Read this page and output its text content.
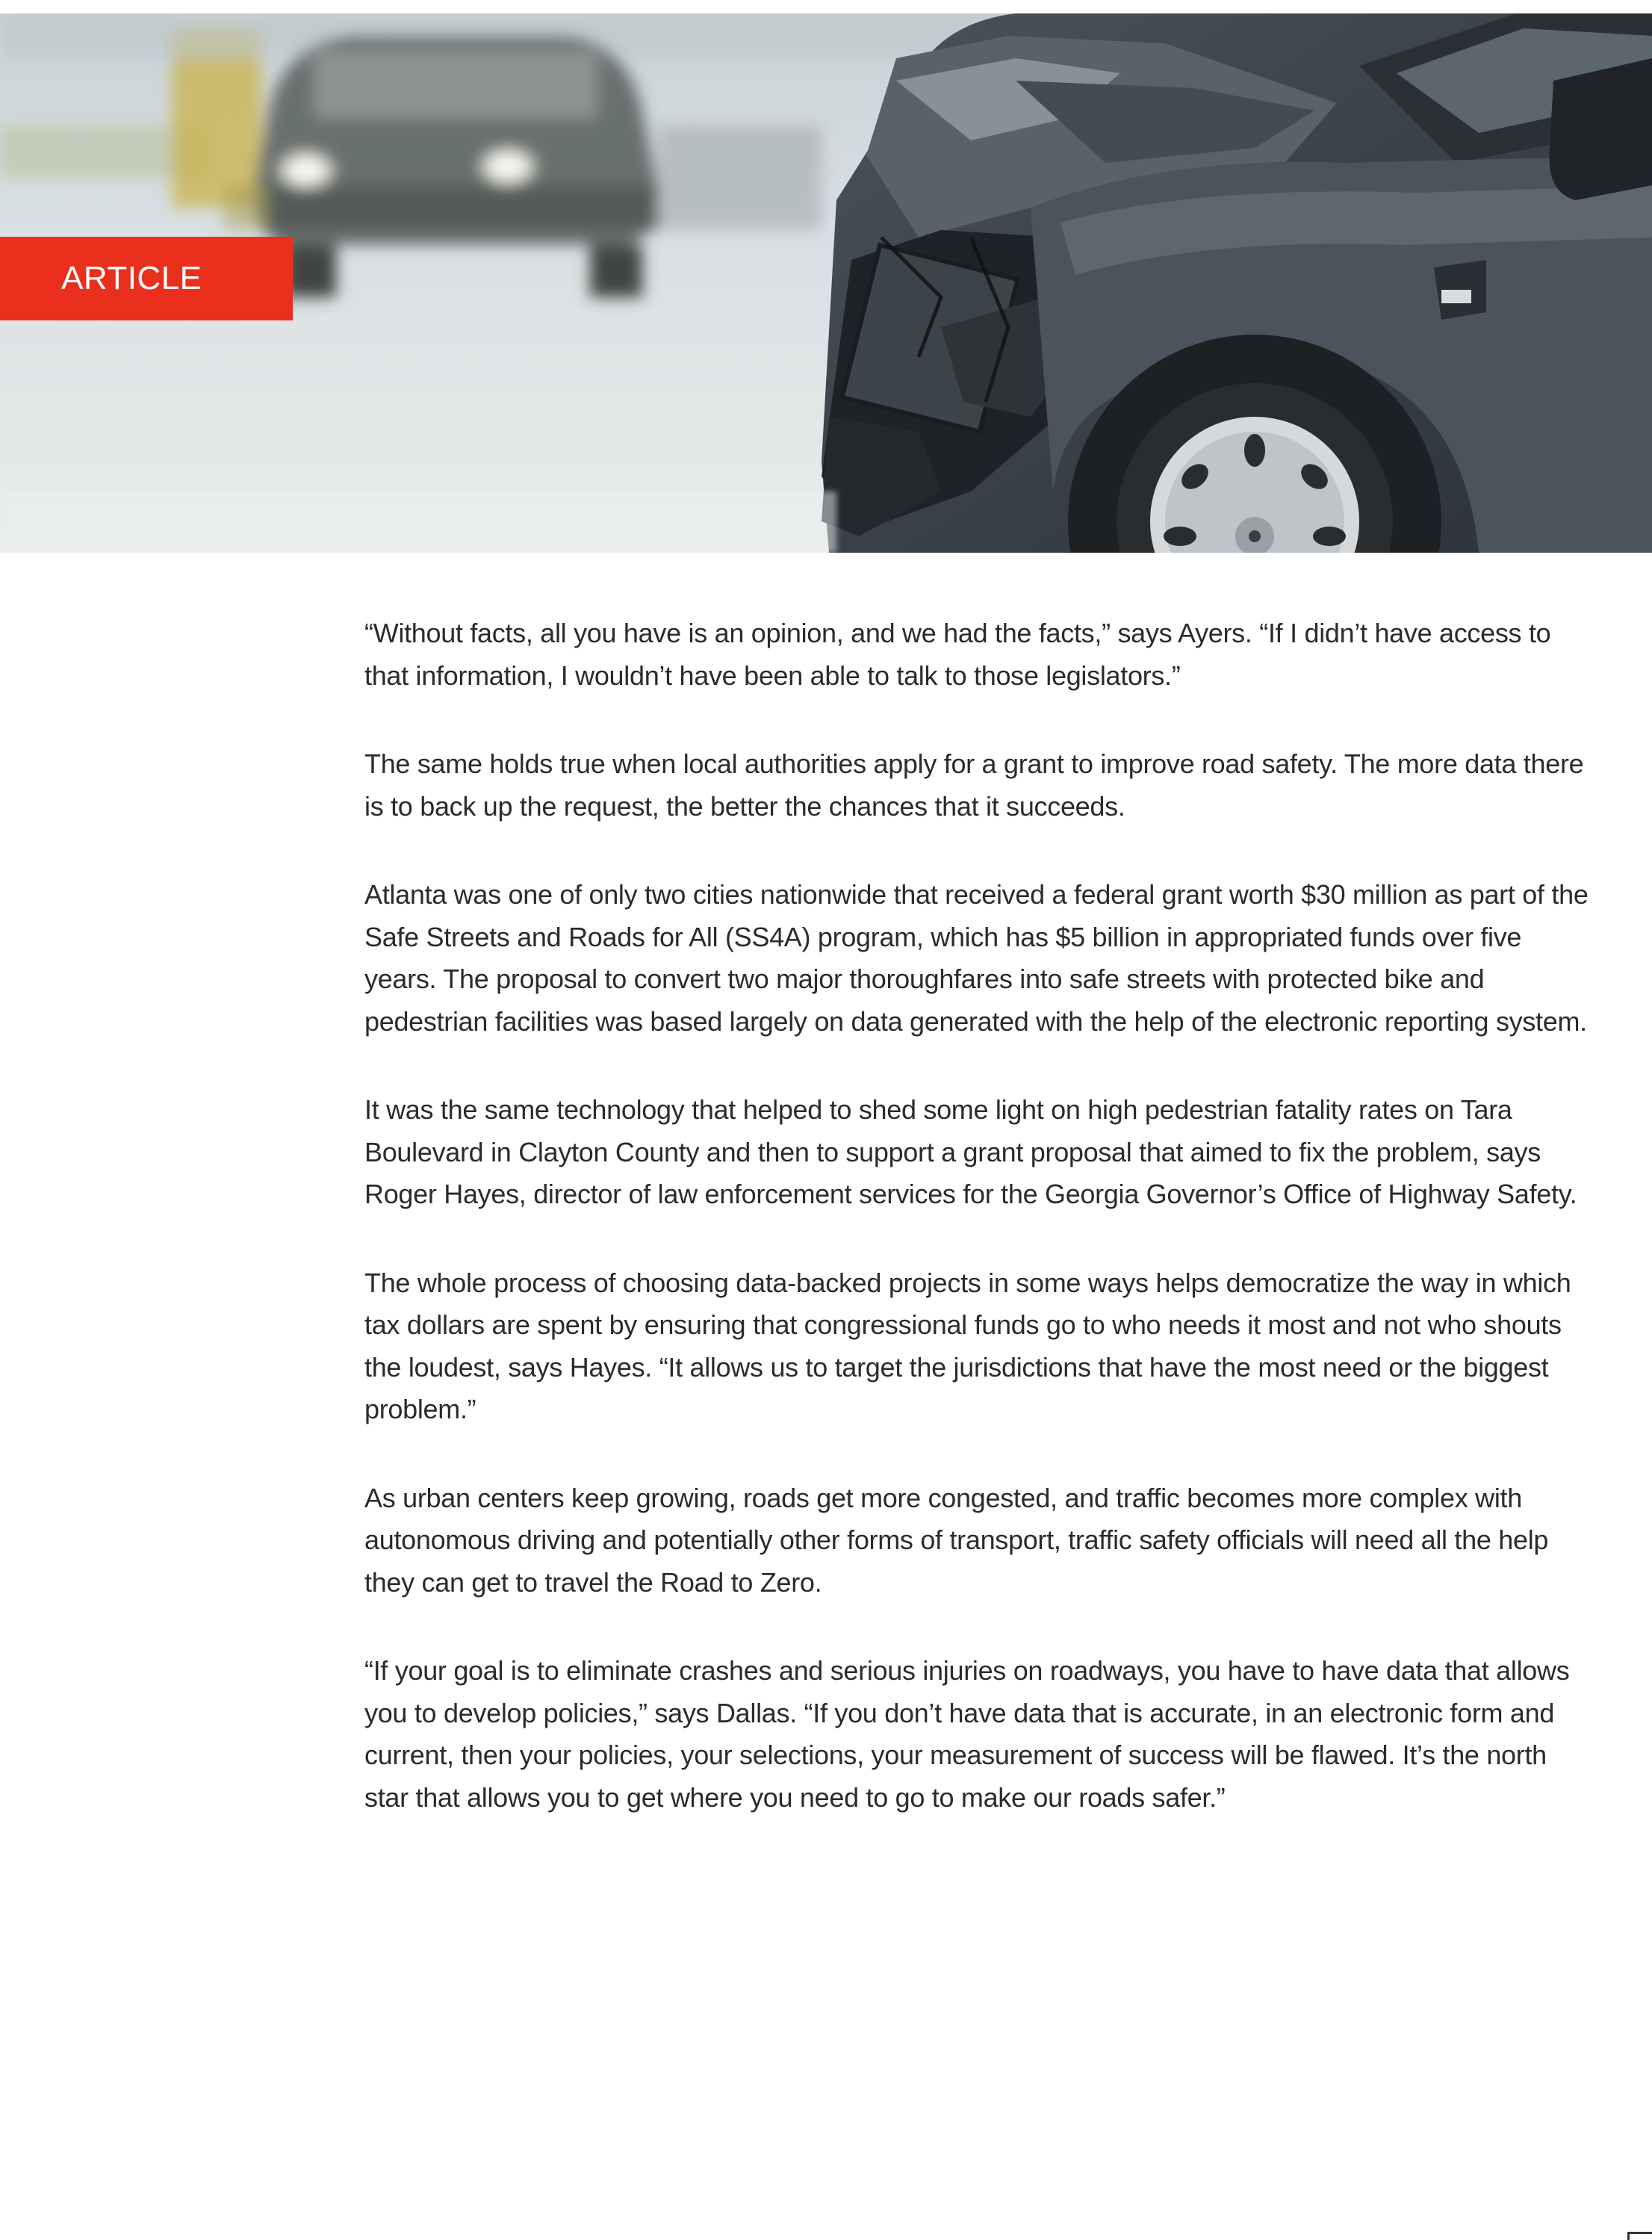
ARTICLE

“Without facts, all you have is an opinion, and we had the facts,” says Ayers. “If I didn’t have access to that information, I wouldn’t have been able to talk to those legislators.”

The same holds true when local authorities apply for a grant to improve road safety. The more data there is to back up the request, the better the chances that it succeeds.

Atlanta was one of only two cities nationwide that received a federal grant worth $30 million as part of the Safe Streets and Roads for All (SS4A) program, which has $5 billion in appropriated funds over five years. The proposal to convert two major thoroughfares into safe streets with protected bike and pedestrian facilities was based largely on data generated with the help of the electronic reporting system.

It was the same technology that helped to shed some light on high pedestrian fatality rates on Tara Boulevard in Clayton County and then to support a grant proposal that aimed to fix the problem, says Roger Hayes, director of law enforcement services for the Georgia Governor’s Office of Highway Safety.

The whole process of choosing data-backed projects in some ways helps democratize the way in which tax dollars are spent by ensuring that congressional funds go to who needs it most and not who shouts the loudest, says Hayes. “It allows us to target the jurisdictions that have the most need or the biggest problem.”

As urban centers keep growing, roads get more congested, and traffic becomes more complex with autonomous driving and potentially other forms of transport, traffic safety officials will need all the help they can get to travel the Road to Zero.

“If your goal is to eliminate crashes and serious injuries on roadways, you have to have data that allows you to develop policies,” says Dallas. “If you don’t have data that is accurate, in an electronic form and current, then your policies, your selections, your measurement of success will be flawed. It’s the north star that allows you to get where you need to go to make our roads safer.”
